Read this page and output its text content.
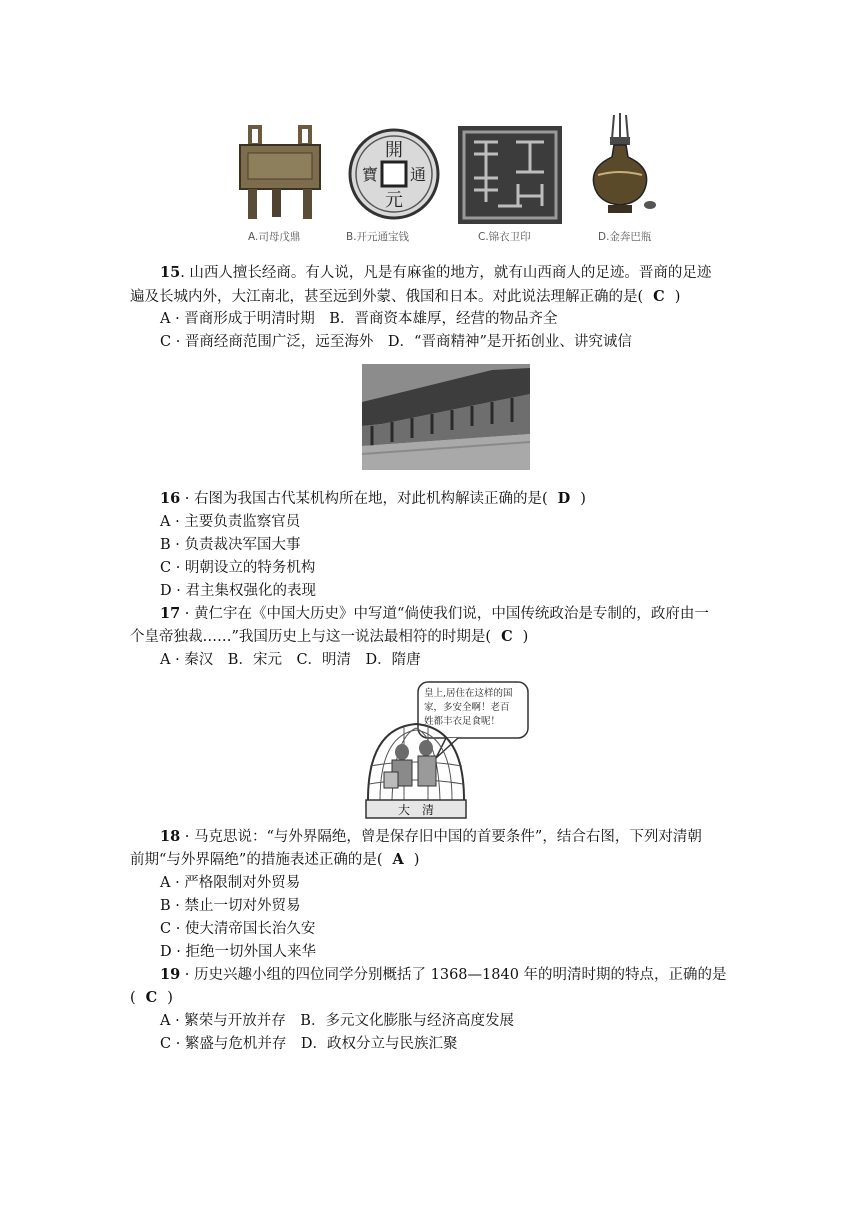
A.司母戊鼎
開
元
通
寶
B.开元通宝钱	C.锦衣卫印	D.金奔巴瓶
15. 山西人擅长经商。有人说，凡是有麻雀的地方，就有山西商人的足迹。晋商的足迹
遍及长城内外，大江南北，甚至远到外蒙、俄国和日本。对此说法理解正确的是( C )
A · 晋商形成于明清时期　B．晋商资本雄厚，经营的物品齐全
C · 晋商经商范围广泛，远至海外　D．“晋商精神”是开拓创业、讲究诚信
16 · 右图为我国古代某机构所在地，对此机构解读正确的是( D )
A · 主要负责监察官员
B · 负责裁决军国大事
C · 明朝设立的特务机构
D · 君主集权强化的表现
17 · 黄仁宇在《中国大历史》中写道“倘使我们说，中国传统政治是专制的，政府由一
个皇帝独裁……”我国历史上与这一说法最相符的时期是( C )
A · 秦汉　B．宋元　C．明清　D．隋唐
皇上,居住在这样的国
家，多安全啊！老百
姓都丰衣足食呢！
大　清
18 · 马克思说：“与外界隔绝，曾是保存旧中国的首要条件”，结合右图，下列对清朝
前期“与外界隔绝”的措施表述正确的是( A )
A · 严格限制对外贸易
B · 禁止一切对外贸易
C · 使大清帝国长治久安
D · 拒绝一切外国人来华
19 · 历史兴趣小组的四位同学分别概括了 1368—1840 年的明清时期的特点，正确的是
( C )
A · 繁荣与开放并存　B．多元文化膨胀与经济高度发展
C · 繁盛与危机并存　D．政权分立与民族汇聚
